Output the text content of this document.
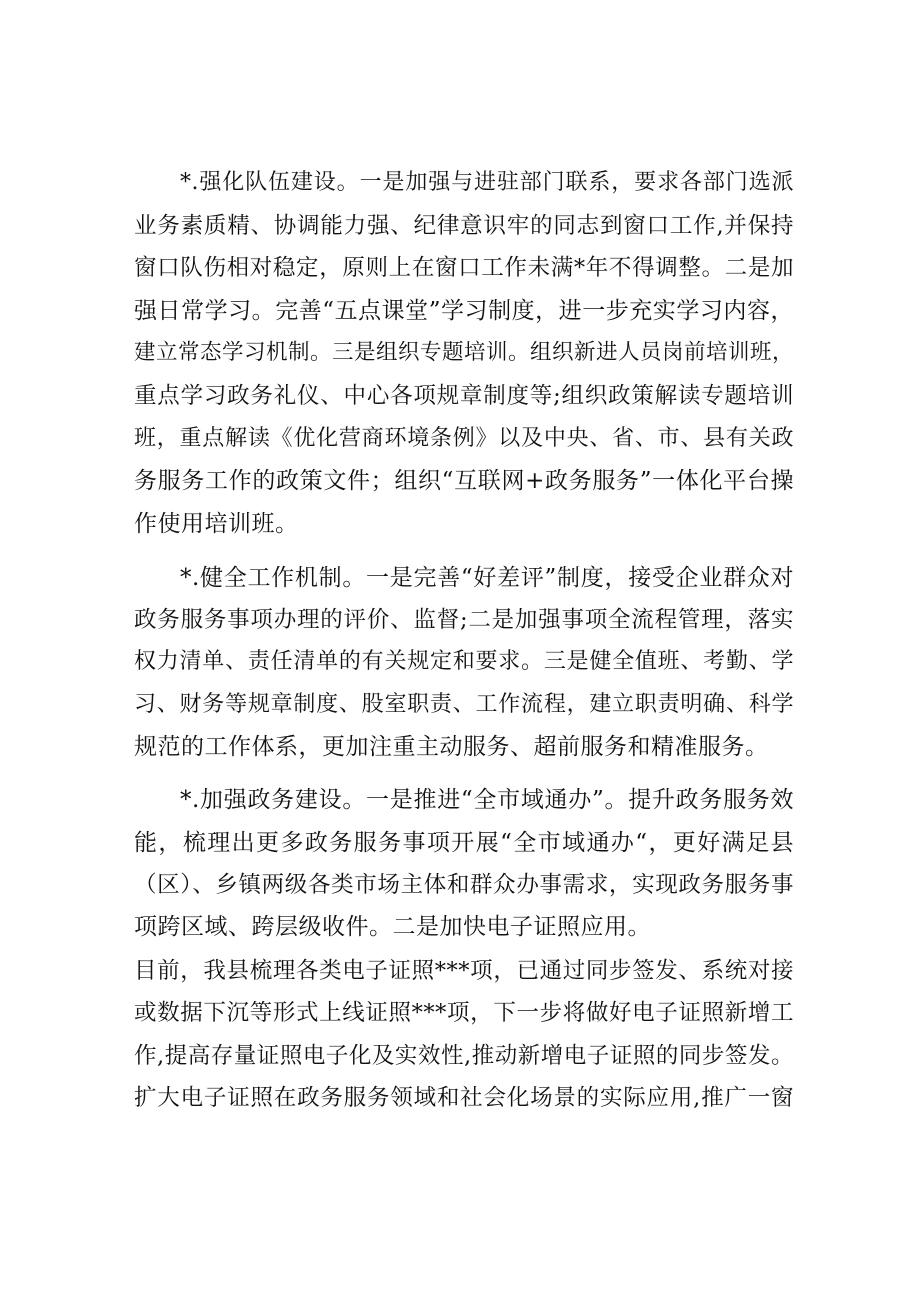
*.强化队伍建设。一是加强与进驻部门联系，要求各部门选派
业务素质精、协调能力强、纪律意识牢的同志到窗口工作,并保持
窗口队伤相对稳定，原则上在窗口工作未满*年不得调整。二是加
强日常学习。完善“五点课堂”学习制度，进一步充实学习内容，
建立常态学习机制。三是组织专题培训。组织新进人员岗前培训班，
重点学习政务礼仪、中心各项规章制度等;组织政策解读专题培训
班，重点解读《优化营商环境条例》以及中央、省、市、县有关政
务服务工作的政策文件；组织“互联网+政务服务”一体化平台操
作使用培训班。
*.健全工作机制。一是完善“好差评”制度，接受企业群众对
政务服务事项办理的评价、监督;二是加强事项全流程管理，落实
权力清单、责任清单的有关规定和要求。三是健全值班、考勤、学
习、财务等规章制度、股室职责、工作流程，建立职责明确、科学
规范的工作体系，更加注重主动服务、超前服务和精准服务。
*.加强政务建设。一是推进“全市域通办”。提升政务服务效
能，梳理出更多政务服务事项开展“全市域通办“，更好满足县
（区）、乡镇两级各类市场主体和群众办事需求，实现政务服务事
项跨区域、跨层级收件。二是加快电子证照应用。
目前，我县梳理各类电子证照***项，已通过同步签发、系统对接
或数据下沉等形式上线证照***项，下一步将做好电子证照新增工
作,提高存量证照电子化及实效性,推动新增电子证照的同步签发。
扩大电子证照在政务服务领域和社会化场景的实际应用,推广一窗
